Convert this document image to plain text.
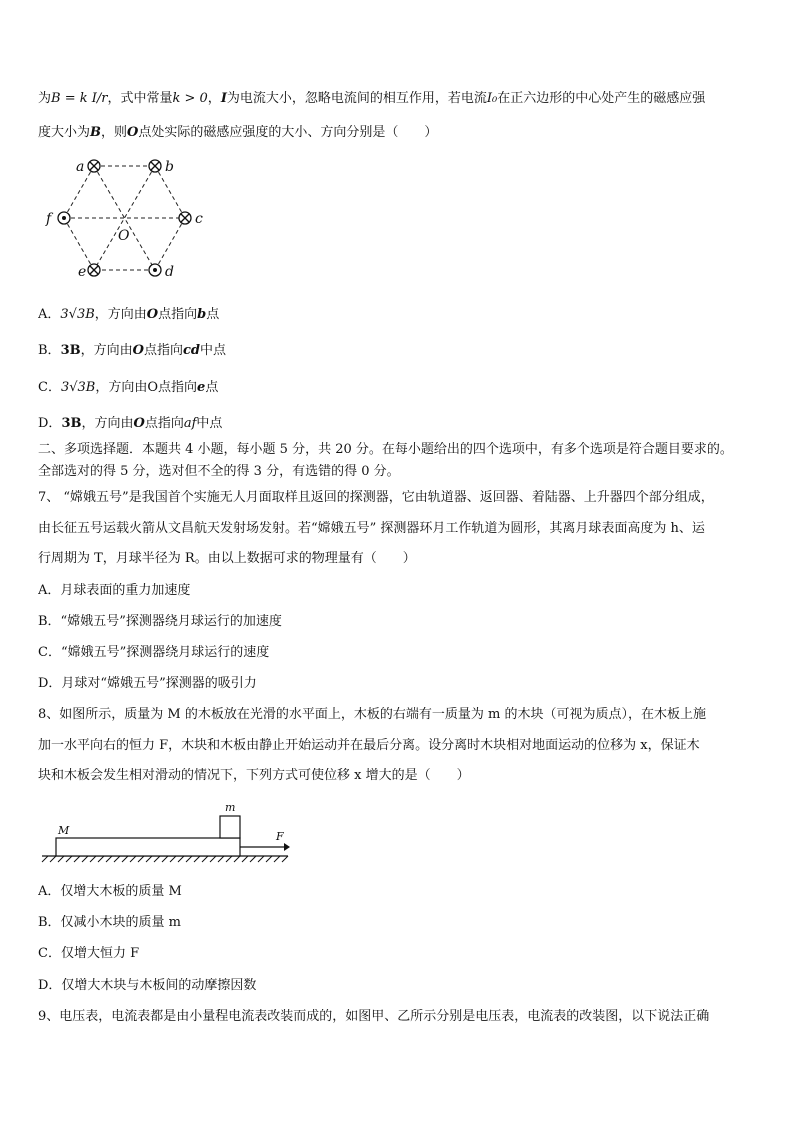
为B = k I/r，式中常量k > 0，I为电流大小，忽略电流间的相互作用，若电流I₀在正六边形的中心处产生的磁感应强
度大小为B，则O点处实际的磁感应强度的大小、方向分别是（　　）
a	b
c
d
e
f
O
A．3√3B，方向由O点指向b点
B．3B，方向由O点指向cd中点
C．3√3B，方向由O点指向e点
D．3B，方向由O点指向af中点
二、多项选择题．本题共 4 小题，每小题 5 分，共 20 分。在每小题给出的四个选项中，有多个选项是符合题目要求的。
全部选对的得 5 分，选对但不全的得 3 分，有选错的得 0 分。
7、 “嫦娥五号”是我国首个实施无人月面取样且返回的探测器，它由轨道器、返回器、着陆器、上升器四个部分组成，
由长征五号运载火箭从文昌航天发射场发射。若“嫦娥五号” 探测器环月工作轨道为圆形，其离月球表面高度为 h、运
行周期为 T，月球半径为 R。由以上数据可求的物理量有（　　）
A．月球表面的重力加速度
B．“嫦娥五号”探测器绕月球运行的加速度
C．“嫦娥五号”探测器绕月球运行的速度
D．月球对“嫦娥五号”探测器的吸引力
8、如图所示，质量为 M 的木板放在光滑的水平面上，木板的右端有一质量为 m 的木块（可视为质点），在木板上施
加一水平向右的恒力 F，木块和木板由静止开始运动并在最后分离。设分离时木块相对地面运动的位移为 x，保证木
块和木板会发生相对滑动的情况下，下列方式可使位移 x 增大的是（　　）
m
M	F
A．仅增大木板的质量 M
B．仅减小木块的质量 m
C．仅增大恒力 F
D．仅增大木块与木板间的动摩擦因数
9、电压表，电流表都是由小量程电流表改装而成的，如图甲、乙所示分别是电压表，电流表的改装图，以下说法正确
